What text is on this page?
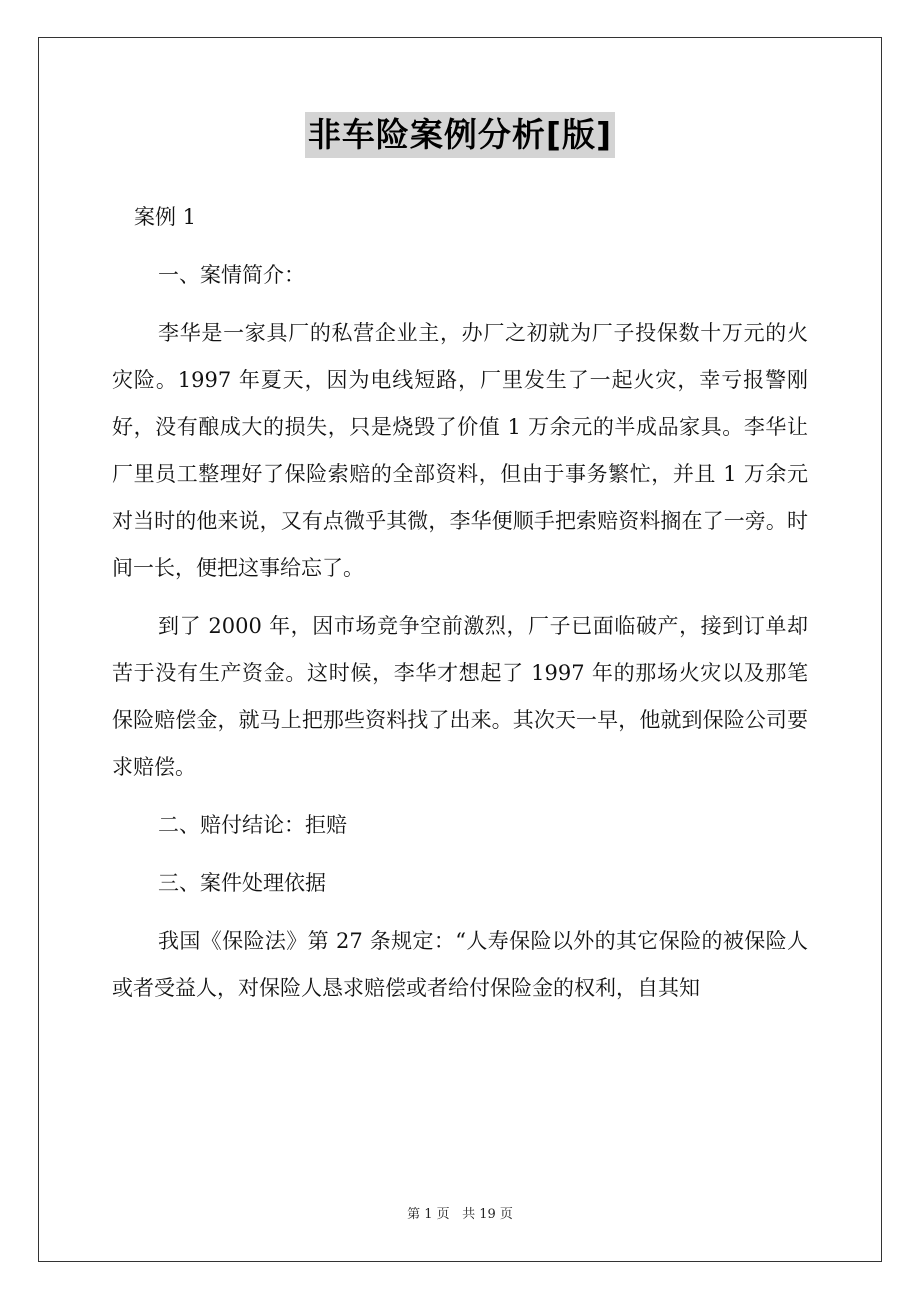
非车险案例分析[版]

案例 1

一、案情简介：

李华是一家具厂的私营企业主，办厂之初就为厂子投保数十万元的火灾险。1997 年夏天，因为电线短路，厂里发生了一起火灾，幸亏报警刚好，没有酿成大的损失，只是烧毁了价值 1 万余元的半成品家具。李华让厂里员工整理好了保险索赔的全部资料，但由于事务繁忙，并且 1 万余元对当时的他来说，又有点微乎其微，李华便顺手把索赔资料搁在了一旁。时间一长，便把这事给忘了。

到了 2000 年，因市场竞争空前激烈，厂子已面临破产，接到订单却苦于没有生产资金。这时候，李华才想起了 1997 年的那场火灾以及那笔保险赔偿金，就马上把那些资料找了出来。其次天一早，他就到保险公司要求赔偿。

二、赔付结论：拒赔

三、案件处理依据

我国《保险法》第 27 条规定：“人寿保险以外的其它保险的被保险人或者受益人，对保险人恳求赔偿或者给付保险金的权利，自其知

第 1 页 共 19 页
